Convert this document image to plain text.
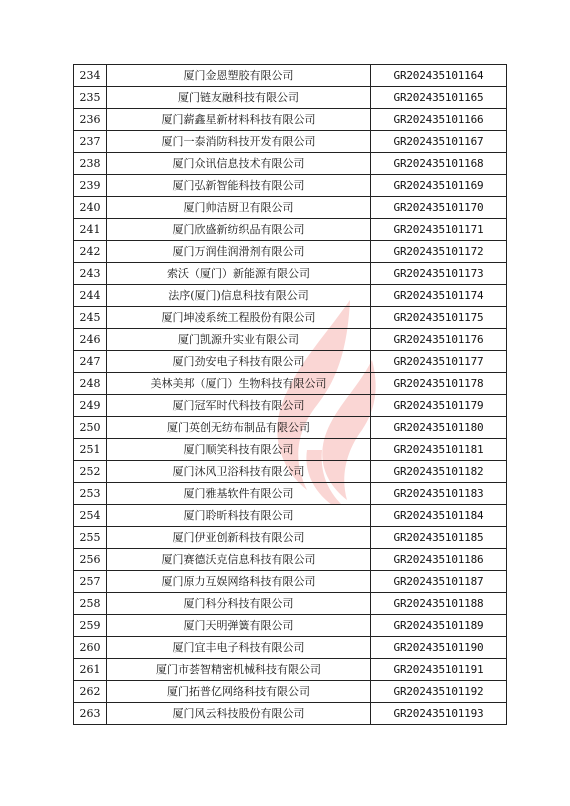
234	厦门金恩塑胶有限公司	GR202435101164
235	厦门链友融科技有限公司	GR202435101165
236	厦门薪鑫星新材料科技有限公司	GR202435101166
237	厦门一泰消防科技开发有限公司	GR202435101167
238	厦门众讯信息技术有限公司	GR202435101168
239	厦门弘新智能科技有限公司	GR202435101169
240	厦门帅洁厨卫有限公司	GR202435101170
241	厦门欣盛新纺织品有限公司	GR202435101171
242	厦门万润佳润滑剂有限公司	GR202435101172
243	索沃（厦门）新能源有限公司	GR202435101173
244	法序(厦门)信息科技有限公司	GR202435101174
245	厦门坤凌系统工程股份有限公司	GR202435101175
246	厦门凯源升实业有限公司	GR202435101176
247	厦门劲安电子科技有限公司	GR202435101177
248	美林美邦（厦门）生物科技有限公司	GR202435101178
249	厦门冠军时代科技有限公司	GR202435101179
250	厦门英创无纺布制品有限公司	GR202435101180
251	厦门顺笑科技有限公司	GR202435101181
252	厦门沐风卫浴科技有限公司	GR202435101182
253	厦门雅基软件有限公司	GR202435101183
254	厦门聆昕科技有限公司	GR202435101184
255	厦门伊亚创新科技有限公司	GR202435101185
256	厦门赛德沃克信息科技有限公司	GR202435101186
257	厦门原力互娱网络科技有限公司	GR202435101187
258	厦门科分科技有限公司	GR202435101188
259	厦门天明弹簧有限公司	GR202435101189
260	厦门宜丰电子科技有限公司	GR202435101190
261	厦门市荟智精密机械科技有限公司	GR202435101191
262	厦门拓普亿网络科技有限公司	GR202435101192
263	厦门风云科技股份有限公司	GR202435101193
